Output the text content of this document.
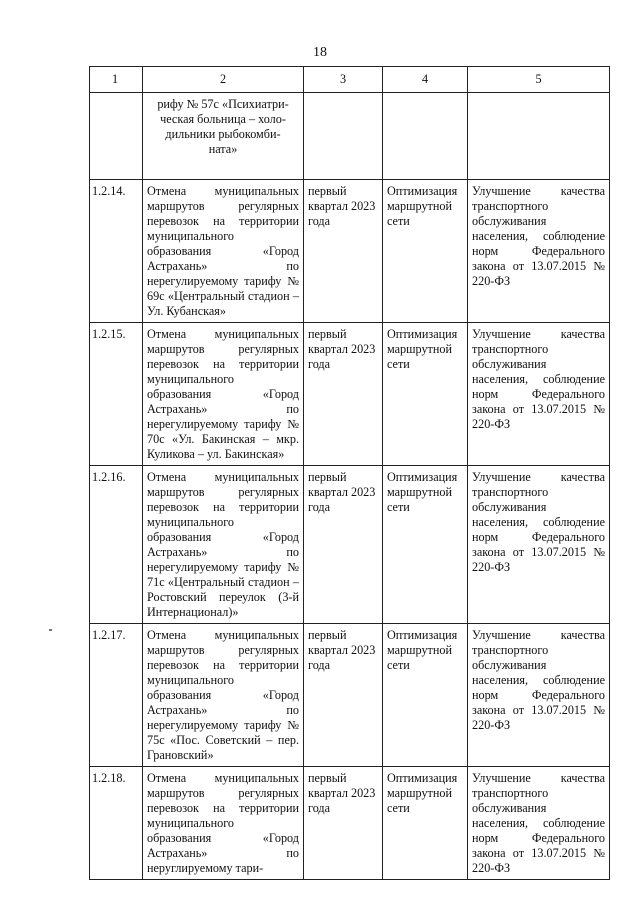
18
1	2	3	4	5
	рифу № 57с «Психиатри-
ческая больница – холо-
дильники рыбокомби-
ната»			
1.2.14.	Отмена муниципальных маршрутов регулярных перевозок на территории муниципального образования «Город Астрахань» по нерегулируемому тарифу № 69с «Центральный стадион – Ул. Кубанская»	первый квартал 2023 года	Оптимизация маршрутной сети	Улучшение качества транспортного обслуживания населения, соблюдение норм Федерального закона от 13.07.2015 № 220-ФЗ
1.2.15.	Отмена муниципальных маршрутов регулярных перевозок на территории муниципального образования «Город Астрахань» по нерегулируемому тарифу № 70с «Ул. Бакинская – мкр. Куликова – ул. Бакинская»	первый квартал 2023 года	Оптимизация маршрутной сети	Улучшение качества транспортного обслуживания населения, соблюдение норм Федерального закона от 13.07.2015 № 220-ФЗ
1.2.16.	Отмена муниципальных маршрутов регулярных перевозок на территории муниципального образования «Город Астрахань» по нерегулируемому тарифу № 71с «Центральный стадион – Ростовский переулок (3-й Интернационал)»	первый квартал 2023 года	Оптимизация маршрутной сети	Улучшение качества транспортного обслуживания населения, соблюдение норм Федерального закона от 13.07.2015 № 220-ФЗ
1.2.17.	Отмена муниципальных маршрутов регулярных перевозок на территории муниципального образования «Город Астрахань» по нерегулируемому тарифу № 75с «Пос. Советский – пер. Грановский»	первый квартал 2023 года	Оптимизация маршрутной сети	Улучшение качества транспортного обслуживания населения, соблюдение норм Федерального закона от 13.07.2015 № 220-ФЗ
1.2.18.	Отмена муниципальных маршрутов регулярных перевозок на территории муниципального образования «Город Астрахань» по неруглируемому тари-	первый квартал 2023 года	Оптимизация маршрутной сети	Улучшение качества транспортного обслуживания населения, соблюдение норм Федерального закона от 13.07.2015 № 220-ФЗ
